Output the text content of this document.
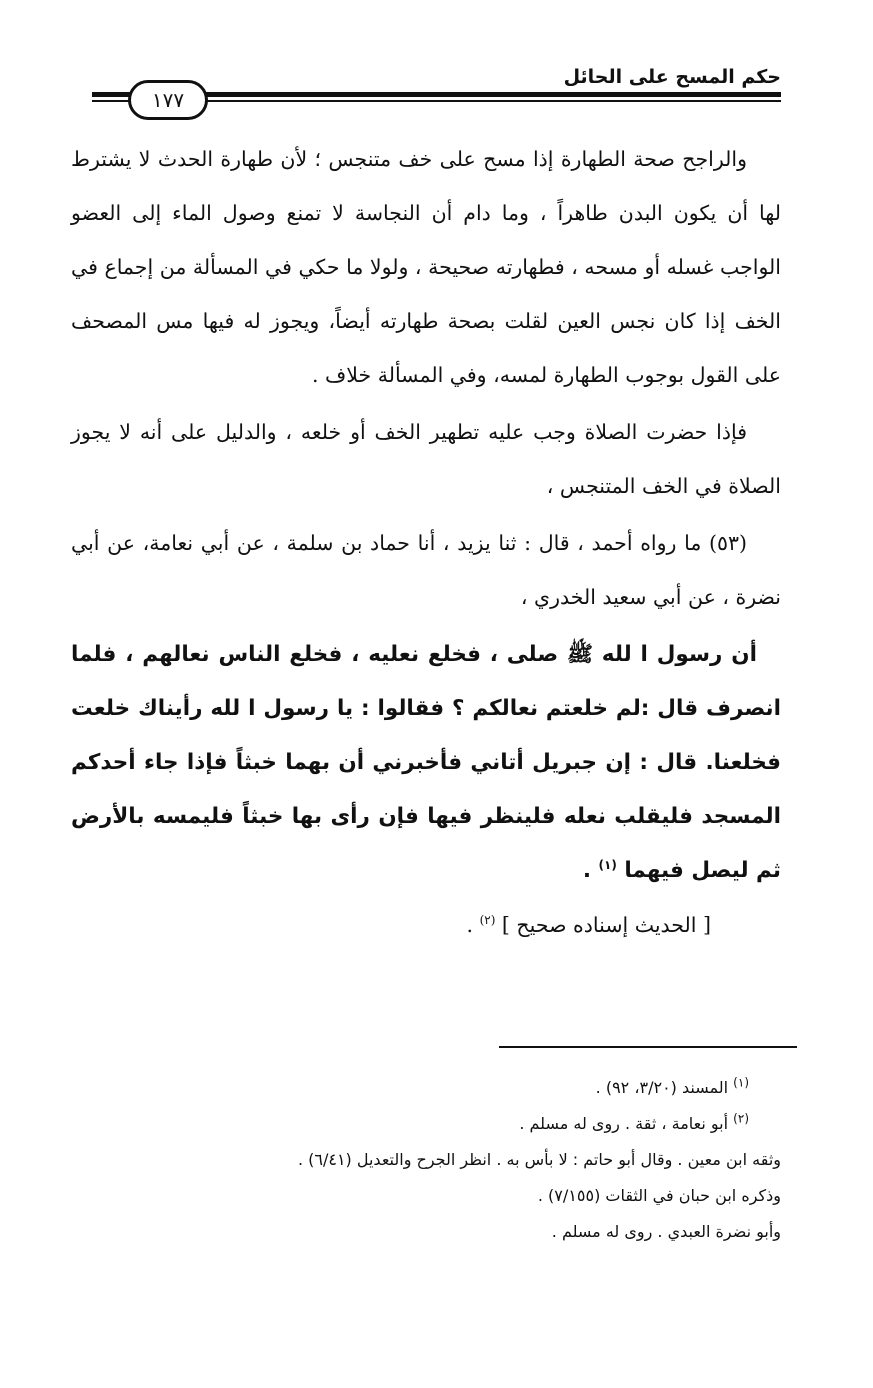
حكم المسح على الحائل
١٧٧

والراجح صحة الطهارة إذا مسح على خف متنجس ؛ لأن طهارة الحدث لا يشترط لها أن يكون البدن طاهراً ، وما دام أن النجاسة لا تمنع وصول الماء إلى العضو الواجب غسله أو مسحه ، فطهارته صحيحة ، ولولا ما حكي في المسألة من إجماع في الخف إذا كان نجس العين لقلت بصحة طهارته أيضاً، ويجوز له فيها مس المصحف على القول بوجوب الطهارة لمسه، وفي المسألة خلاف .

فإذا حضرت الصلاة وجب عليه تطهير الخف أو خلعه ، والدليل على أنه لا يجوز الصلاة في الخف المتنجس ،

(٥٣) ما رواه أحمد ، قال : ثنا يزيد ، أنا حماد بن سلمة ، عن أبي نعامة، عن أبي نضرة ، عن أبي سعيد الخدري ،

أن رسول ا لله ﷺ صلى ، فخلع نعليه ، فخلع الناس نعالهم ، فلما انصرف قال :لم خلعتم نعالكم ؟ فقالوا : يا رسول ا لله رأيناك خلعت فخلعنا. قال : إن جبريل أتاني فأخبرني أن بهما خبثاً فإذا جاء أحدكم المسجد فليقلب نعله فلينظر فيها فإن رأى بها خبثاً فليمسه بالأرض ثم ليصل فيهما $^{(١)}$ .

[ الحديث إسناده صحيح ] $^{(٢)}$ .

$^{(١)}$ المسند (٣/٢٠، ٩٢) .

$^{(٢)}$ أبو نعامة ، ثقة . روى له مسلم .

وثقه ابن معين . وقال أبو حاتم : لا بأس به . انظر الجرح والتعديل (٦/٤١) .

وذكره ابن حبان في الثقات (٧/١٥٥) .

وأبو نضرة العبدي . روى له مسلم .
